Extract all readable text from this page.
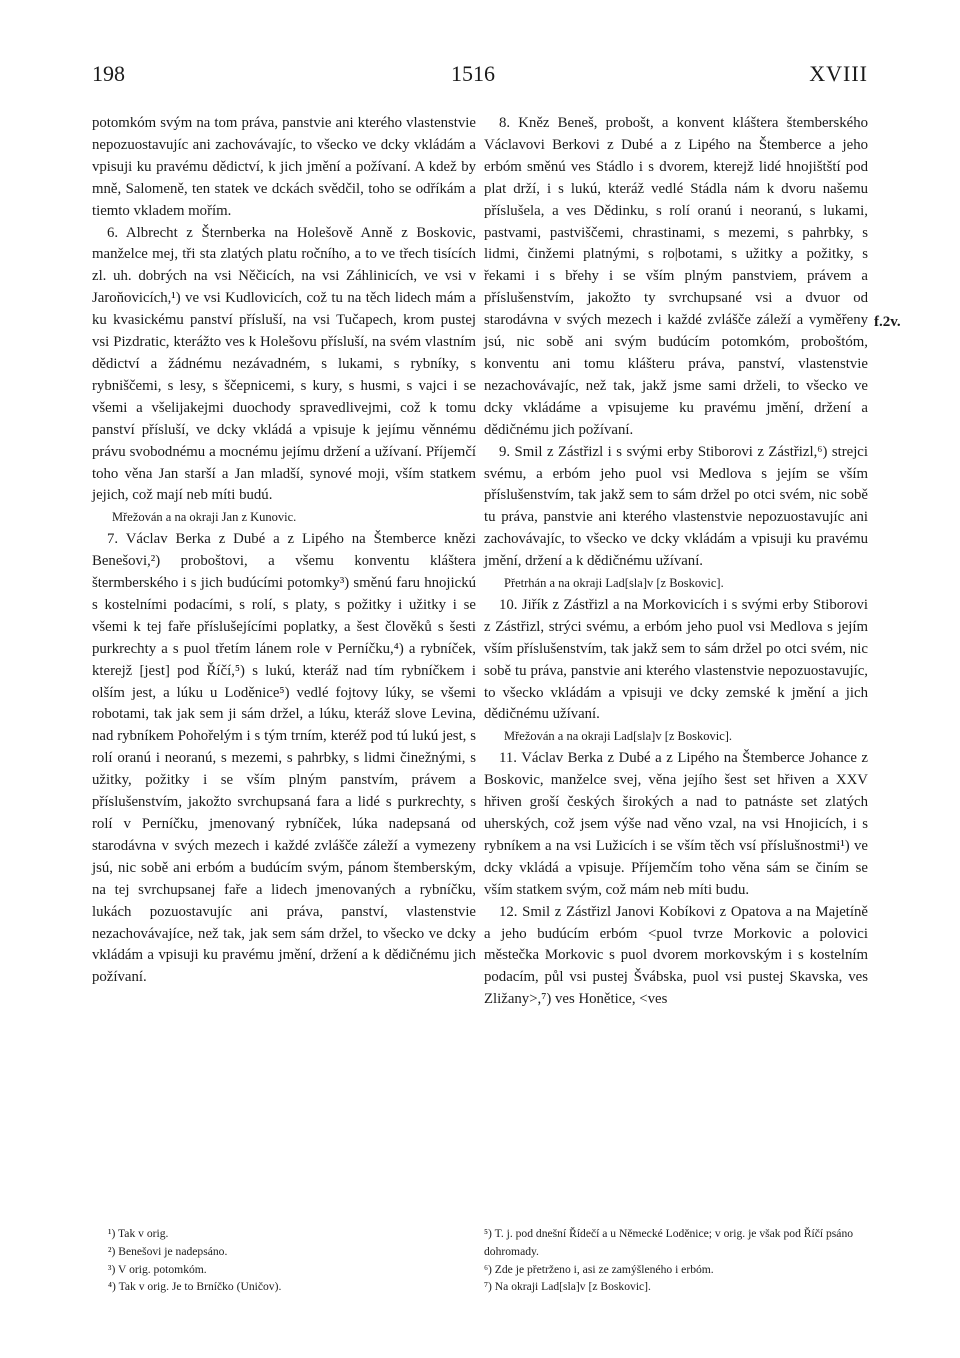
198	1516	XVIII

potomkóm svým na tom práva, panstvie ani kterého vlastenstvie nepozuostavujíc ani zachovávajíc, to všecko ve dcky vkládám a vpisuji ku pravému dědictví, k jich jmění a požívaní. A kdež by mně, Salomeně, ten statek ve dckách svědčil, toho se odříkám a tiemto vkladem mořím.

6. Albrecht z Šternberka na Holešově Anně z Boskovic, manželce mej, tři sta zlatých platu ročního, a to ve třech tisících zl. uh. dobrých na vsi Něčicích, na vsi Záhlinicích, ve vsi v Jaroňovicích,¹) ve vsi Kudlovicích, což tu na těch lidech mám a ku kvasickému panství přísluší, na vsi Tučapech, krom pustej vsi Pizdratic, kterážto ves k Holešovu přísluší, na svém vlastním dědictví a žádnému nezávadném, s lukami, s rybníky, s rybniščemi, s lesy, s ščepnicemi, s kury, s husmi, s vajci i se všemi a všelijakejmi duochody spravedlivejmi, což k tomu panství přísluší, ve dcky vkládá a vpisuje k jejímu věnnému právu svobodnému a mocnému jejímu držení a užívaní. Příjemčí toho věna Jan starší a Jan mladší, synové moji, vším statkem jejich, což mají neb míti budú.

Mřežován a na okraji Jan z Kunovic.

7. Václav Berka z Dubé a z Lipého na Štemberce knězi Benešovi,²) proboštovi, a všemu konventu kláštera štermberského i s jich budúcími potomky³) směnú faru hnojickú s kostelními podacími, s rolí, s platy, s požitky i užitky i se všemi k tej faře příslušejícími poplatky, a šest člověků s šesti purkrechty a s puol třetím lánem role v Perníčku,⁴) a rybníček, kterejž [jest] pod Říčí,⁵) s lukú, kteráž nad tím rybníčkem i olším jest, a lúku u Loděnice⁵) vedlé fojtovy lúky, se všemi robotami, tak jak sem ji sám držel, a lúku, kteráž slove Levina, nad rybníkem Pohořelým i s tým trním, kteréž pod tú lukú jest, s rolí oranú i neoranú, s mezemi, s pahrbky, s lidmi činežnými, s užitky, požitky i se vším plným panstvím, právem a příslušenstvím, jakožto svrchupsaná fara a lidé s purkrechty, s rolí v Perníčku, jmenovaný rybníček, lúka nadepsaná od starodávna v svých mezech i každé zvlášče záleží a vymezeny jsú, nic sobě ani erbóm a budúcím svým, pánom štemberským, na tej svrchupsanej faře a lidech jmenovaných a rybníčku, lukách pozuostavujíc ani práva, panství, vlastenstvie nezachovávajíce, než tak, jak sem sám držel, to všecko ve dcky vkládám a vpisuji ku pravému jmění, držení a k dědičnému jich požívaní.

8. Kněz Beneš, probošt, a konvent kláštera štemberského Václavovi Berkovi z Dubé a z Lipého na Štemberce a jeho erbóm směnú ves Stádlo i s dvorem, kterejž lidé hnojištští pod plat drží, i s lukú, kteráž vedlé Stádla nám k dvoru našemu příslušela, a ves Dědinku, s rolí oranú i neoranú, s lukami, pastvami, pastviščemi, chrastinami, s mezemi, s pahrbky, s lidmi, činžemi platnými, s ro|botami, s užitky a požitky, s řekami i s břehy i se vším plným panstviem, právem a příslušenstvím, jakožto ty svrchupsané vsi a dvuor od starodávna v svých mezech i každé zvlášče záleží a vyměřeny jsú, nic sobě ani svým budúcím potomkóm, proboštóm, konventu ani tomu klášteru práva, panství, vlastenstvie nezachovávajíc, než tak, jakž jsme sami drželi, to všecko ve dcky vkládáme a vpisujeme ku pravému jmění, držení a dědičnému jich požívaní.

9. Smil z Zástřizl i s svými erby Stiborovi z Zástřizl,⁶) strejci svému, a erbóm jeho puol vsi Medlova s jejím se vším příslušenstvím, tak jakž sem to sám držel po otci svém, nic sobě tu práva, panstvie ani kterého vlastenstvie nepozuostavujíc ani zachovávajíc, to všecko ve dcky vkládám a vpisuji ku pravému jmění, držení a k dědičnému užívaní.

Přetrhán a na okraji Lad[sla]v [z Boskovic].

10. Jiřík z Zástřizl a na Morkovicích i s svými erby Stiborovi z Zástřizl, strýci svému, a erbóm jeho puol vsi Medlova s jejím vším příslušenstvím, tak jakž sem to sám držel po otci svém, nic sobě tu práva, panstvie ani kterého vlastenstvie nepozuostavujíc, to všecko vkládám a vpisuji ve dcky zemské k jmění a jich dědičnému užívaní.

Mřežován a na okraji Lad[sla]v [z Boskovic].

11. Václav Berka z Dubé a z Lipého na Štemberce Johance z Boskovic, manželce svej, věna jejího šest set hřiven a XXV hřiven groší českých širokých a nad to patnáste set zlatých uherských, což jsem výše nad věno vzal, na vsi Hnojicích, i s rybníkem a na vsi Lužicích i se vším těch vsí příslušnostmi¹) ve dcky vkládá a vpisuje. Příjemčím toho věna sám se činím se vším statkem svým, což mám neb míti budu.

12. Smil z Zástřizl Janovi Kobíkovi z Opatova a na Majetíně a jeho budúcím erbóm <puol tvrze Morkovic a polovici městečka Morkovic s puol dvorem morkovským i s kostelním podacím, půl vsi pustej Švábska, puol vsi pustej Skavska, ves Zližany>,⁷) ves Honětice, <ves

f.2v.
¹) Tak v orig.
²) Benešovi je nadepsáno.
³) V orig. potomkóm.
⁴) Tak v orig. Je to Brníčko (Uničov).
⁵) T. j. pod dnešní Řídečí a u Německé Loděnice; v orig. je však pod Říčí psáno dohromady.
⁶) Zde je přetrženo i, asi ze zamýšleného i erbóm.
⁷) Na okraji Lad[sla]v [z Boskovic].
